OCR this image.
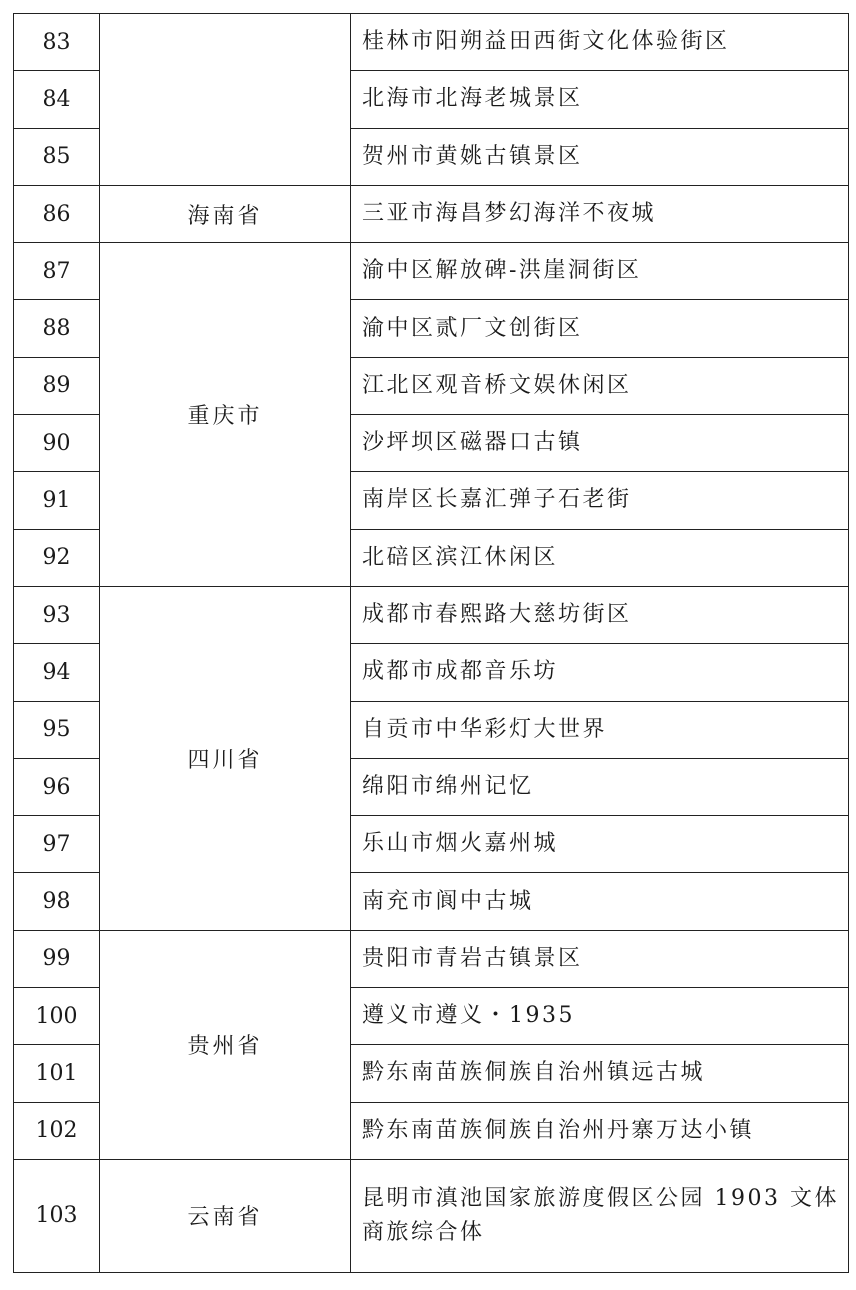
83		桂林市阳朔益田西街文化体验街区
84		北海市北海老城景区
85		贺州市黄姚古镇景区
86	海南省	三亚市海昌梦幻海洋不夜城
87	重庆市	渝中区解放碑-洪崖洞街区
88		渝中区贰厂文创街区
89		江北区观音桥文娱休闲区
90		沙坪坝区磁器口古镇
91		南岸区长嘉汇弹子石老街
92		北碚区滨江休闲区
93	四川省	成都市春熙路大慈坊街区
94		成都市成都音乐坊
95		自贡市中华彩灯大世界
96		绵阳市绵州记忆
97		乐山市烟火嘉州城
98		南充市阆中古城
99	贵州省	贵阳市青岩古镇景区
100		遵义市遵义・1935
101		黔东南苗族侗族自治州镇远古城
102		黔东南苗族侗族自治州丹寨万达小镇
103	云南省	昆明市滇池国家旅游度假区公园 1903 文体商旅综合体
